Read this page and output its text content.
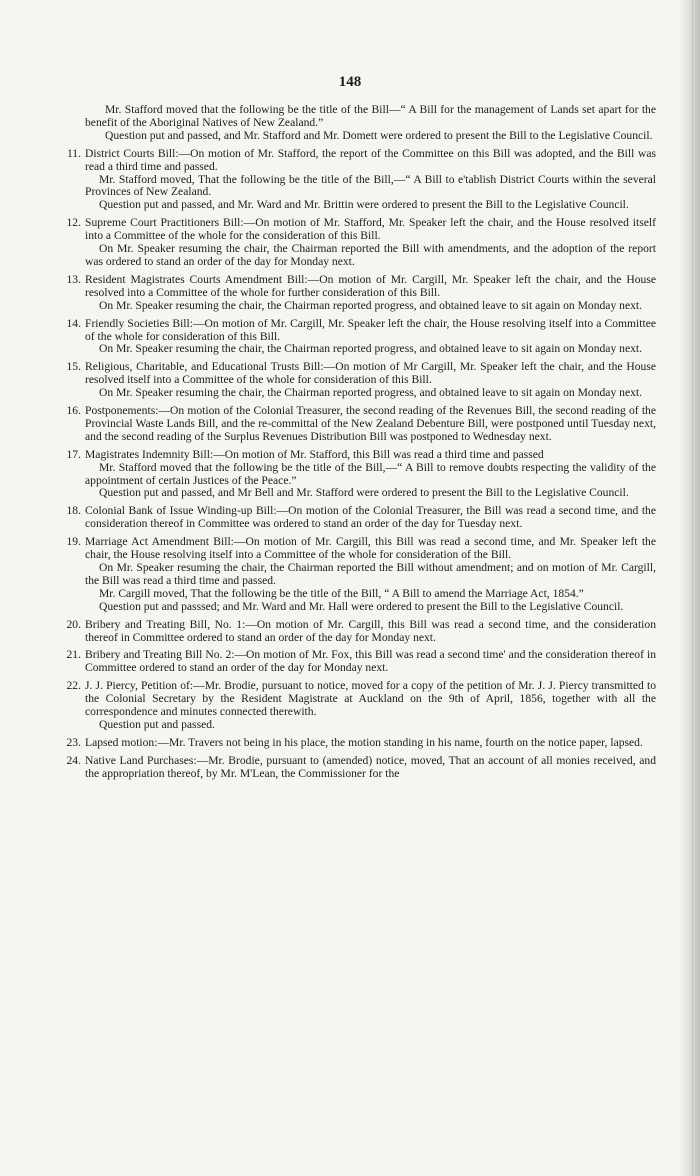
148

Mr. Stafford moved that the following be the title of the Bill—“ A Bill for the management of Lands set apart for the benefit of the Aboriginal Natives of New Zealand.”

Question put and passed, and Mr. Stafford and Mr. Domett were ordered to present the Bill to the Legislative Council.

11. District Courts Bill:—On motion of Mr. Stafford, the report of the Committee on this Bill was adopted, and the Bill was read a third time and passed.

Mr. Stafford moved, That the following be the title of the Bill,—“ A Bill to e'tablish District Courts within the several Provinces of New Zealand.

Question put and passed, and Mr. Ward and Mr. Brittin were ordered to present the Bill to the Legislative Council.

12. Supreme Court Practitioners Bill:—On motion of Mr. Stafford, Mr. Speaker left the chair, and the House resolved itself into a Committee of the whole for the consideration of this Bill.

On Mr. Speaker resuming the chair, the Chairman reported the Bill with amendments, and the adoption of the report was ordered to stand an order of the day for Monday next.

13. Resident Magistrates Courts Amendment Bill:—On motion of Mr. Cargill, Mr. Speaker left the chair, and the House resolved into a Committee of the whole for further consideration of this Bill.

On Mr. Speaker resuming the chair, the Chairman reported progress, and obtained leave to sit again on Monday next.

14. Friendly Societies Bill:—On motion of Mr. Cargill, Mr. Speaker left the chair, the House resolving itself into a Committee of the whole for consideration of this Bill.

On Mr. Speaker resuming the chair, the Chairman reported progress, and obtained leave to sit again on Monday next.

15. Religious, Charitable, and Educational Trusts Bill:—On motion of Mr Cargill, Mr. Speaker left the chair, and the House resolved itself into a Committee of the whole for consideration of this Bill.

On Mr. Speaker resuming the chair, the Chairman reported progress, and obtained leave to sit again on Monday next.

16. Postponements:—On motion of the Colonial Treasurer, the second reading of the Revenues Bill, the second reading of the Provincial Waste Lands Bill, and the re-committal of the New Zealand Debenture Bill, were postponed until Tuesday next, and the second reading of the Surplus Revenues Distribution Bill was postponed to Wednesday next.

17. Magistrates Indemnity Bill:—On motion of Mr. Stafford, this Bill was read a third time and passed

Mr. Stafford moved that the following be the title of the Bill,—“ A Bill to remove doubts respecting the validity of the appointment of certain Justices of the Peace.”

Question put and passed, and Mr Bell and Mr. Stafford were ordered to present the Bill to the Legislative Council.

18. Colonial Bank of Issue Winding-up Bill:—On motion of the Colonial Treasurer, the Bill was read a second time, and the consideration thereof in Committee was ordered to stand an order of the day for Tuesday next.

19. Marriage Act Amendment Bill:—On motion of Mr. Cargill, this Bill was read a second time, and Mr. Speaker left the chair, the House resolving itself into a Committee of the whole for consideration of the Bill.

On Mr. Speaker resuming the chair, the Chairman reported the Bill without amendment; and on motion of Mr. Cargill, the Bill was read a third time and passed.

Mr. Cargill moved, That the following be the title of the Bill, “ A Bill to amend the Marriage Act, 1854.”

Question put and passsed; and Mr. Ward and Mr. Hall were ordered to present the Bill to the Legislative Council.

20. Bribery and Treating Bill, No. 1:—On motion of Mr. Cargill, this Bill was read a second time, and the consideration thereof in Committee ordered to stand an order of the day for Monday next.

21. Bribery and Treating Bill No. 2:—On motion of Mr. Fox, this Bill was read a second time' and the consideration thereof in Committee ordered to stand an order of the day for Monday next.

22. J. J. Piercy, Petition of:—Mr. Brodie, pursuant to notice, moved for a copy of the petition of Mr. J. J. Piercy transmitted to the Colonial Secretary by the Resident Magistrate at Auckland on the 9th of April, 1856, together with all the correspondence and minutes connected therewith.

Question put and passed.

23. Lapsed motion:—Mr. Travers not being in his place, the motion standing in his name, fourth on the notice paper, lapsed.

24. Native Land Purchases:—Mr. Brodie, pursuant to (amended) notice, moved, That an account of all monies received, and the appropriation thereof, by Mr. M'Lean, the Commissioner for the
